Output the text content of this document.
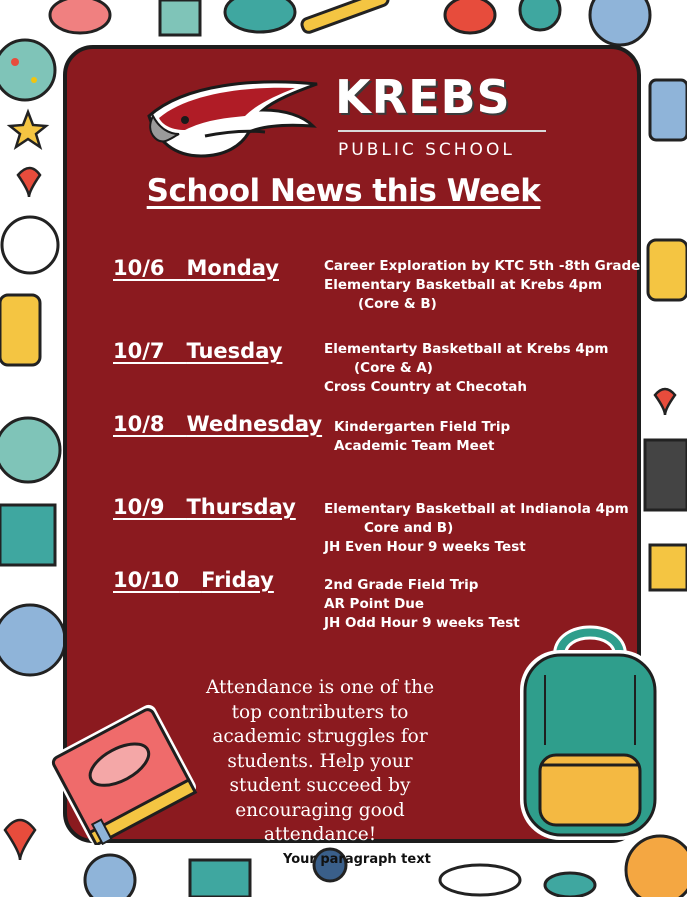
KREBS
PUBLIC SCHOOL
School News this Week
10/6 Monday	Career Exploration by KTC 5th -8th Grade
Elementary Basketball at Krebs 4pm
(Core & B)
10/7 Tuesday	Elementarty Basketball at Krebs 4pm
(Core & A)
Cross Country at Checotah
10/8 Wednesday Kindergarten Field Trip
Academic Team Meet
10/9 Thursday Elementary Basketball at Indianola 4pm
Core and B)
JH Even Hour 9 weeks Test
10/10 Friday	2nd Grade Field Trip
AR Point Due
JH Odd Hour 9 weeks Test
Attendance is one of the top contributers to academic struggles for students. Help your student succeed by encouraging good attendance!
Your paragraph text
